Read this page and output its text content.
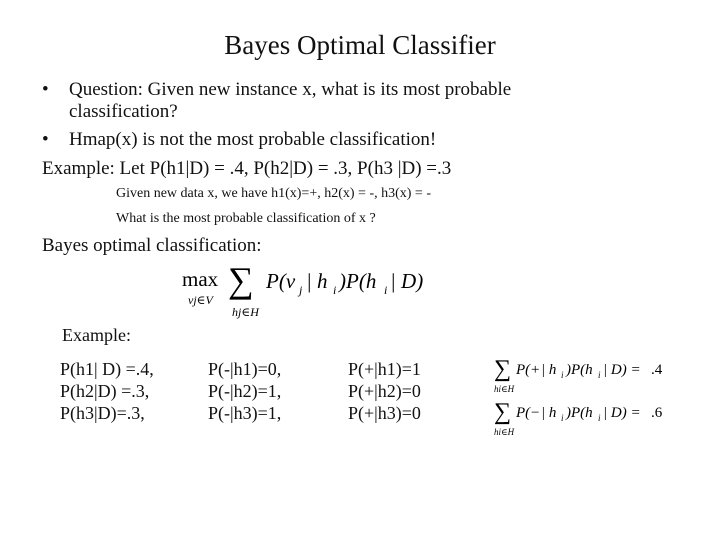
Bayes Optimal Classifier
• Question: Given new instance x, what is its most probable
classification?
• Hmap(x) is not the most probable classification!
Example: Let P(h1|D) = .4, P(h2|D) = .3, P(h3 |D) =.3
Given new data x, we have h1(x)=+, h2(x) = -, h3(x) = -
What is the most probable classification of x ?
Bayes optimal classification:
max
vj∈V ∑
hj∈H
P(v j | h i )P(h i | D)
Example:
P(h1| D) =.4,
P(h2|D) =.3,
P(h3|D)=.3,
P(-|h1)=0,
P(-|h2)=1,
P(-|h3)=1,
P(+|h1)=1
P(+|h2)=0
P(+|h3)=0
∑
hi∈H
P( + | h i )P(h i | D) = .4
∑
hi∈H
P( − | h i )P(h i | D) = .6
